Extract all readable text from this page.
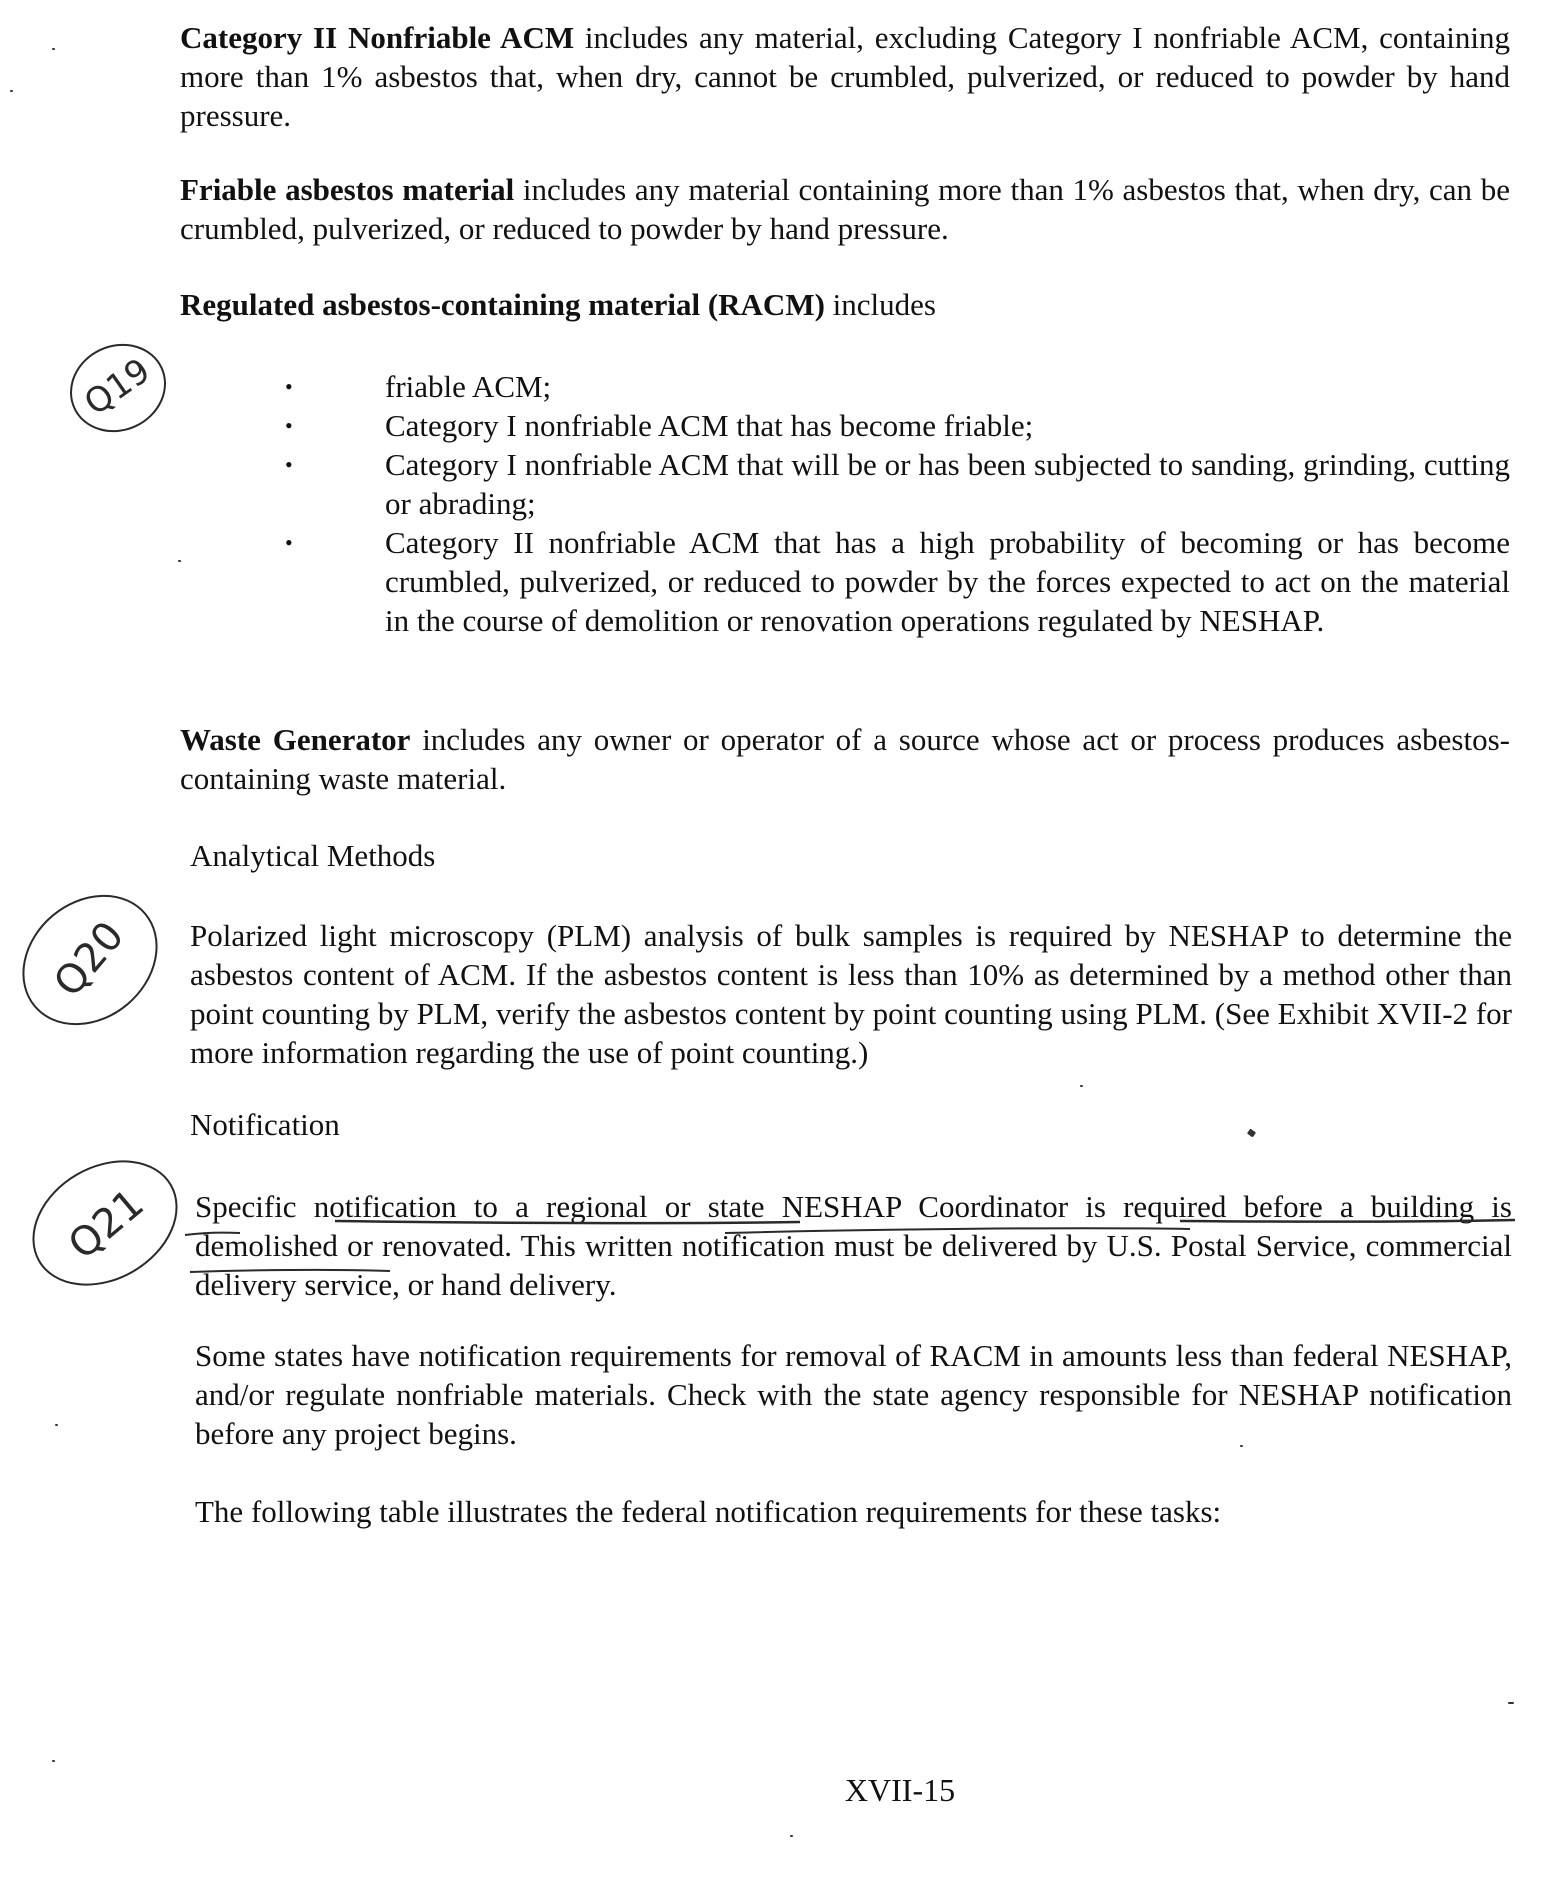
Category II Nonfriable ACM includes any material, excluding Category I nonfriable ACM, containing more than 1% asbestos that, when dry, cannot be crumbled, pulverized, or reduced to powder by hand pressure.

Friable asbestos material includes any material containing more than 1% asbestos that, when dry, can be crumbled, pulverized, or reduced to powder by hand pressure.

Regulated asbestos-containing material (RACM) includes

• friable ACM;
• Category I nonfriable ACM that has become friable;
• Category I nonfriable ACM that will be or has been subjected to sanding, grinding, cutting or abrading;
• Category II nonfriable ACM that has a high probability of becoming or has become crumbled, pulverized, or reduced to powder by the forces expected to act on the material in the course of demolition or renovation operations regulated by NESHAP.

Waste Generator includes any owner or operator of a source whose act or process produces asbestos-containing waste material.

Analytical Methods

Polarized light microscopy (PLM) analysis of bulk samples is required by NESHAP to determine the asbestos content of ACM. If the asbestos content is less than 10% as determined by a method other than point counting by PLM, verify the asbestos content by point counting using PLM. (See Exhibit XVII-2 for more information regarding the use of point counting.)

Notification

Specific notification to a regional or state NESHAP Coordinator is required before a building is demolished or renovated. This written notification must be delivered by U.S. Postal Service, commercial delivery service, or hand delivery.

Some states have notification requirements for removal of RACM in amounts less than federal NESHAP, and/or regulate nonfriable materials. Check with the state agency responsible for NESHAP notification before any project begins.

The following table illustrates the federal notification requirements for these tasks:

XVII-15

Q19
Q20
Q21
